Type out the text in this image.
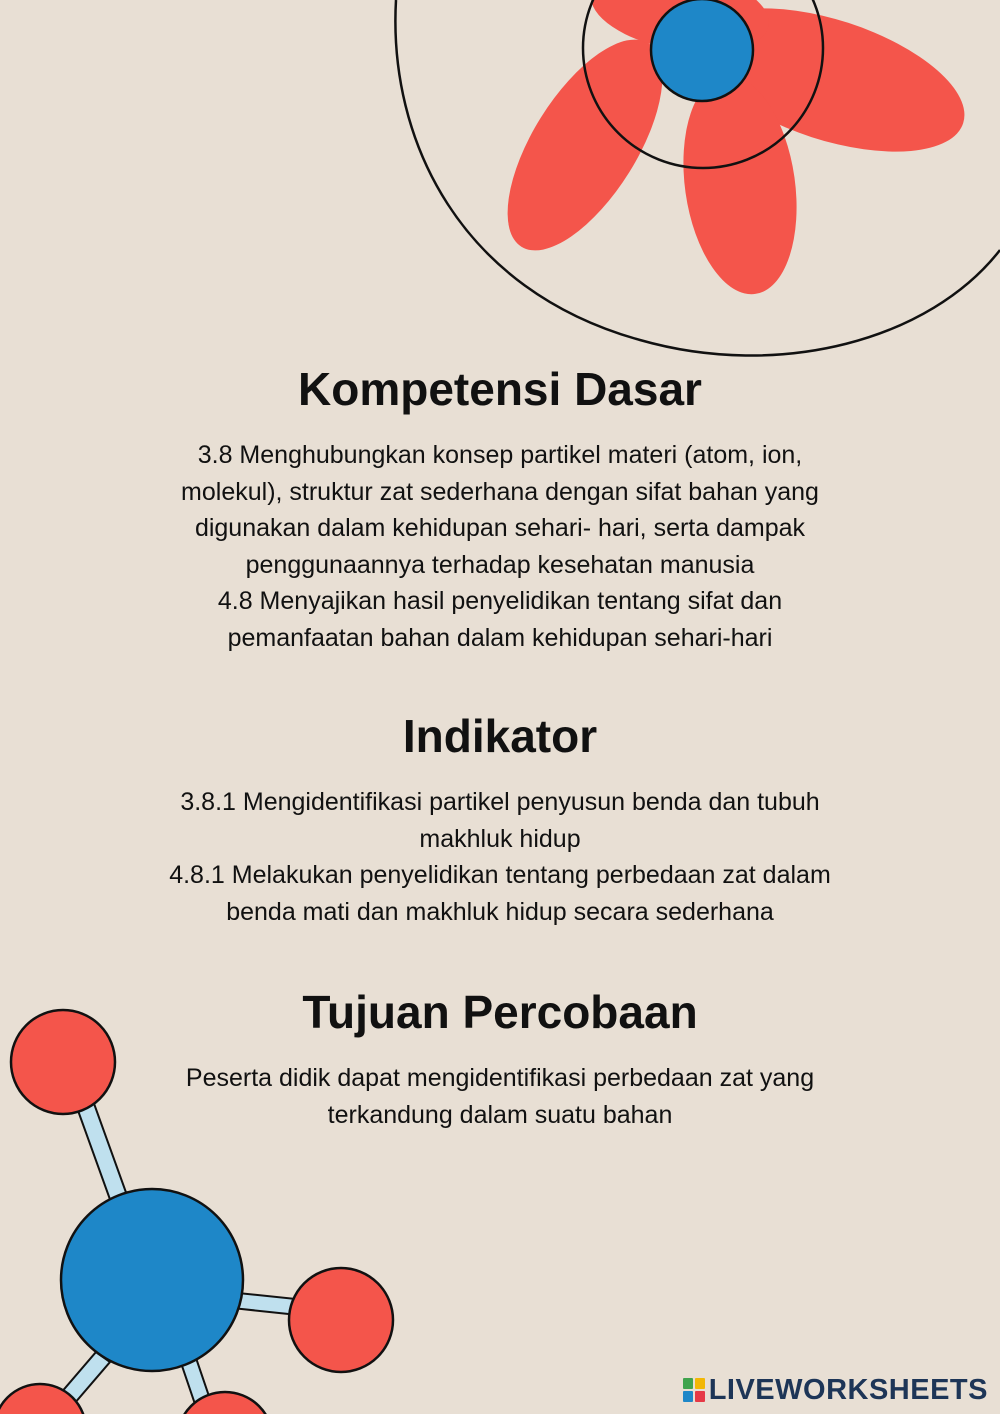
Kompetensi Dasar
3.8 Menghubungkan konsep partikel materi (atom, ion,
molekul), struktur zat sederhana dengan sifat bahan yang
digunakan dalam kehidupan sehari- hari, serta dampak
penggunaannya terhadap kesehatan manusia
4.8 Menyajikan hasil penyelidikan tentang sifat dan
pemanfaatan bahan dalam kehidupan sehari-hari
Indikator
3.8.1 Mengidentifikasi partikel penyusun benda dan tubuh
makhluk hidup
4.8.1 Melakukan penyelidikan tentang perbedaan zat dalam
benda mati dan makhluk hidup secara sederhana
Tujuan Percobaan
Peserta didik dapat mengidentifikasi perbedaan zat yang
terkandung dalam suatu bahan
LIVEWORKSHEETS
